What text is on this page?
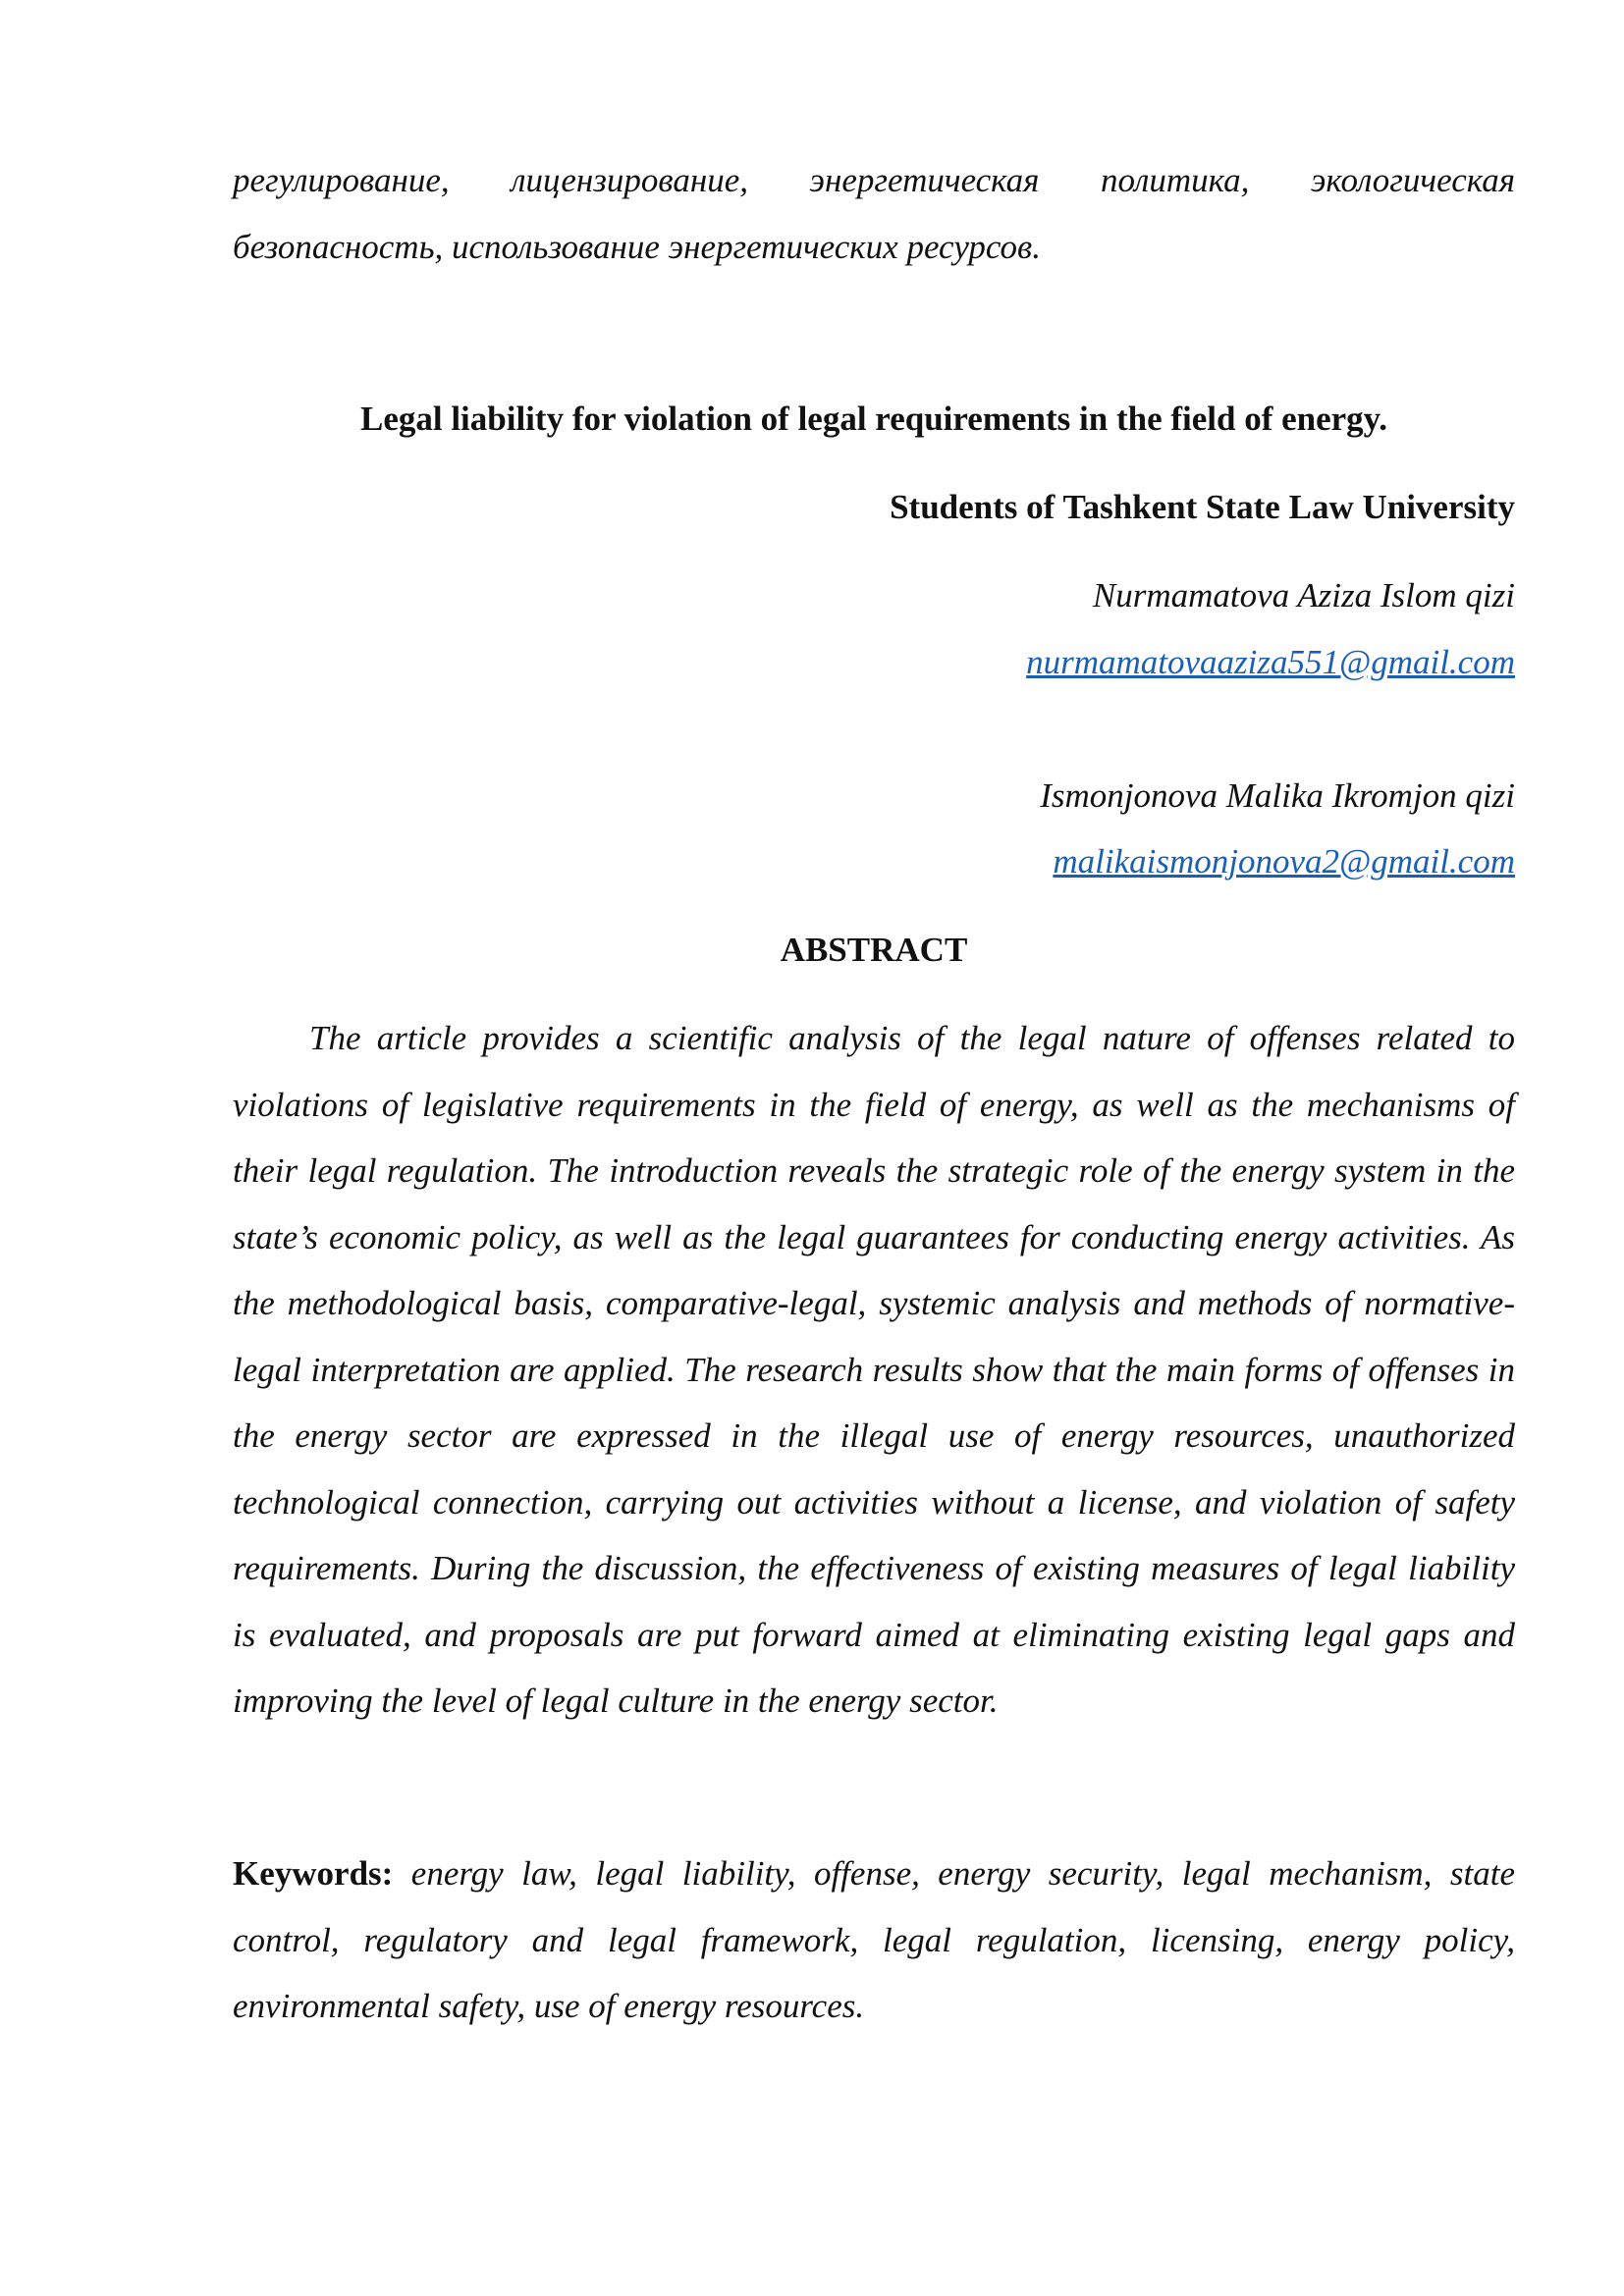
регулирование, лицензирование, энергетическая политика, экологическая безопасность, использование энергетических ресурсов.

Legal liability for violation of legal requirements in the field of energy.

Students of Tashkent State Law University

Nurmamatova Aziza Islom qizi

nurmamatovaaziza551@gmail.com

Ismonjonova Malika Ikromjon qizi

malikaismonjonova2@gmail.com

ABSTRACT

The article provides a scientific analysis of the legal nature of offenses related to violations of legislative requirements in the field of energy, as well as the mechanisms of their legal regulation. The introduction reveals the strategic role of the energy system in the state’s economic policy, as well as the legal guarantees for conducting energy activities. As the methodological basis, comparative-legal, systemic analysis and methods of normative-legal interpretation are applied. The research results show that the main forms of offenses in the energy sector are expressed in the illegal use of energy resources, unauthorized technological connection, carrying out activities without a license, and violation of safety requirements. During the discussion, the effectiveness of existing measures of legal liability is evaluated, and proposals are put forward aimed at eliminating existing legal gaps and improving the level of legal culture in the energy sector.

Keywords: energy law, legal liability, offense, energy security, legal mechanism, state control, regulatory and legal framework, legal regulation, licensing, energy policy, environmental safety, use of energy resources.
